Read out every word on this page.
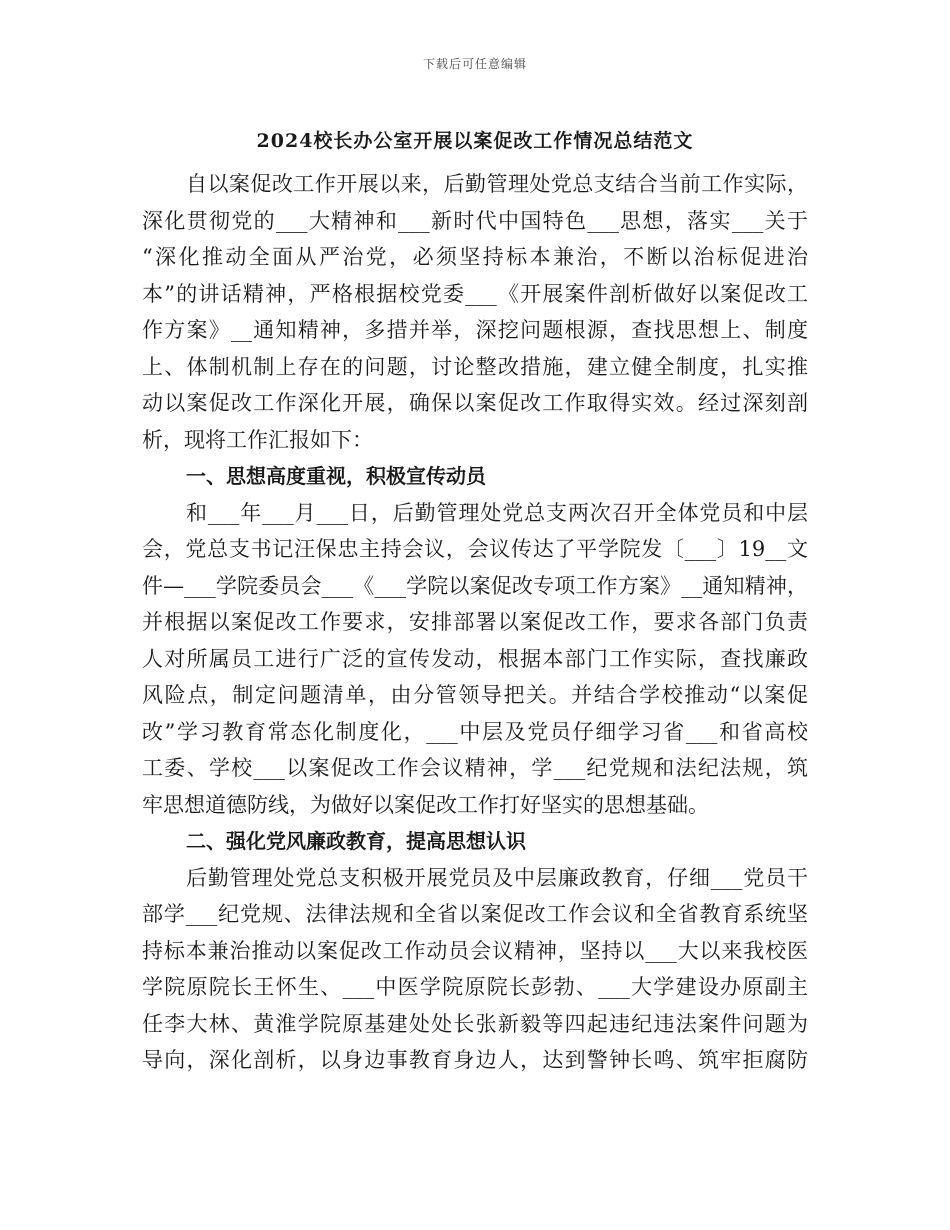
下载后可任意编辑
2024校长办公室开展以案促改工作情况总结范文
自以案促改工作开展以来，后勤管理处党总支结合当前工作实际，
深化贯彻党的___大精神和___新时代中国特色___思想，落实___关于
“深化推动全面从严治党，必须坚持标本兼治，不断以治标促进治
本”的讲话精神，严格根据校党委___《开展案件剖析做好以案促改工
作方案》__通知精神，多措并举，深挖问题根源，查找思想上、制度
上、体制机制上存在的问题，讨论整改措施，建立健全制度，扎实推
动以案促改工作深化开展，确保以案促改工作取得实效。经过深刻剖
析，现将工作汇报如下：
一、思想高度重视，积极宣传动员
和___年___月___日，后勤管理处党总支两次召开全体党员和中层
会，党总支书记汪保忠主持会议，会议传达了平学院发〔___〕19__文
件—___学院委员会___《___学院以案促改专项工作方案》__通知精神，
并根据以案促改工作要求，安排部署以案促改工作，要求各部门负责
人对所属员工进行广泛的宣传发动，根据本部门工作实际，查找廉政
风险点，制定问题清单，由分管领导把关。并结合学校推动“以案促
改”学习教育常态化制度化，___中层及党员仔细学习省___和省高校
工委、学校___以案促改工作会议精神，学___纪党规和法纪法规，筑
牢思想道德防线，为做好以案促改工作打好坚实的思想基础。
二、强化党风廉政教育，提高思想认识
后勤管理处党总支积极开展党员及中层廉政教育，仔细___党员干
部学___纪党规、法律法规和全省以案促改工作会议和全省教育系统坚
持标本兼治推动以案促改工作动员会议精神，坚持以___大以来我校医
学院原院长王怀生、___中医学院原院长彭勃、___大学建设办原副主
任李大林、黄淮学院原基建处处长张新毅等四起违纪违法案件问题为
导向，深化剖析，以身边事教育身边人，达到警钟长鸣、筑牢拒腐防
